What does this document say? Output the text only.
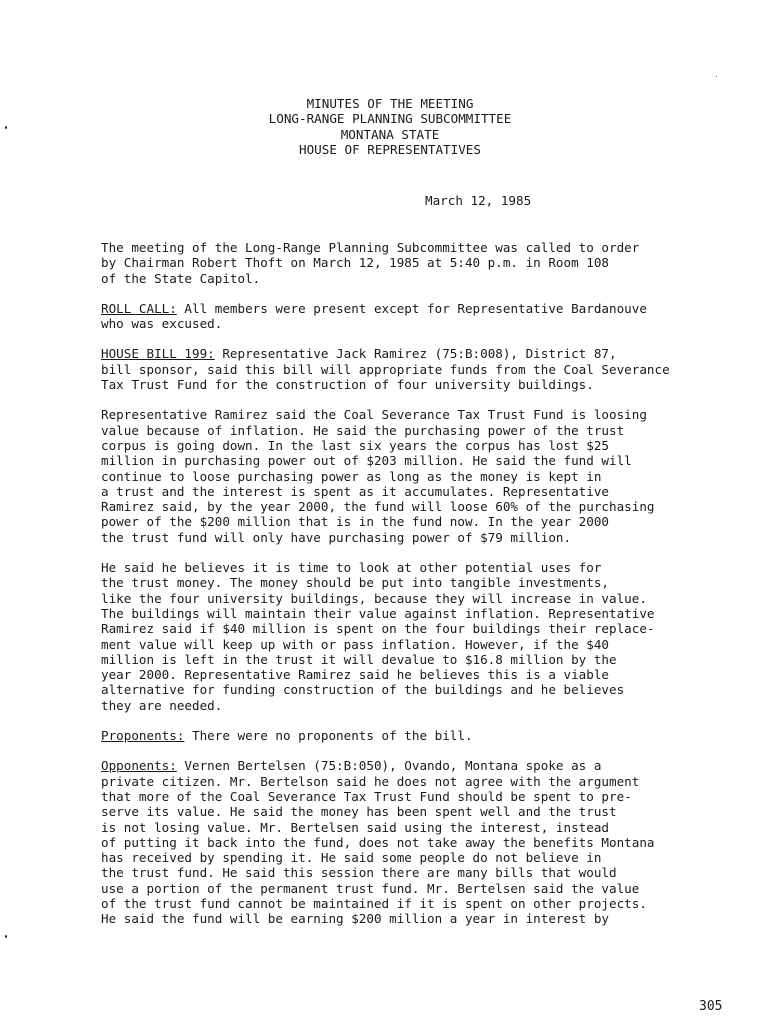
MINUTES OF THE MEETING
LONG-RANGE PLANNING SUBCOMMITTEE
MONTANA STATE
HOUSE OF REPRESENTATIVES
March 12, 1985

The meeting of the Long-Range Planning Subcommittee was called to order
by Chairman Robert Thoft on March 12, 1985 at 5:40 p.m. in Room 108
of the State Capitol.

ROLL CALL: All members were present except for Representative Bardanouve
who was excused.

HOUSE BILL 199: Representative Jack Ramirez (75:B:008), District 87,
bill sponsor, said this bill will appropriate funds from the Coal Severance
Tax Trust Fund for the construction of four university buildings.

Representative Ramirez said the Coal Severance Tax Trust Fund is loosing
value because of inflation. He said the purchasing power of the trust
corpus is going down. In the last six years the corpus has lost $25
million in purchasing power out of $203 million. He said the fund will
continue to loose purchasing power as long as the money is kept in
a trust and the interest is spent as it accumulates. Representative
Ramirez said, by the year 2000, the fund will loose 60% of the purchasing
power of the $200 million that is in the fund now. In the year 2000
the trust fund will only have purchasing power of $79 million.

He said he believes it is time to look at other potential uses for
the trust money. The money should be put into tangible investments,
like the four university buildings, because they will increase in value.
The buildings will maintain their value against inflation. Representative
Ramirez said if $40 million is spent on the four buildings their replace-
ment value will keep up with or pass inflation. However, if the $40
million is left in the trust it will devalue to $16.8 million by the
year 2000. Representative Ramirez said he believes this is a viable
alternative for funding construction of the buildings and he believes
they are needed.

Proponents: There were no proponents of the bill.

Opponents: Vernen Bertelsen (75:B:050), Ovando, Montana spoke as a
private citizen. Mr. Bertelson said he does not agree with the argument
that more of the Coal Severance Tax Trust Fund should be spent to pre-
serve its value. He said the money has been spent well and the trust
is not losing value. Mr. Bertelsen said using the interest, instead
of putting it back into the fund, does not take away the benefits Montana
has received by spending it. He said some people do not believe in
the trust fund. He said this session there are many bills that would
use a portion of the permanent trust fund. Mr. Bertelsen said the value
of the trust fund cannot be maintained if it is spent on other projects.
He said the fund will be earning $200 million a year in interest by

305
